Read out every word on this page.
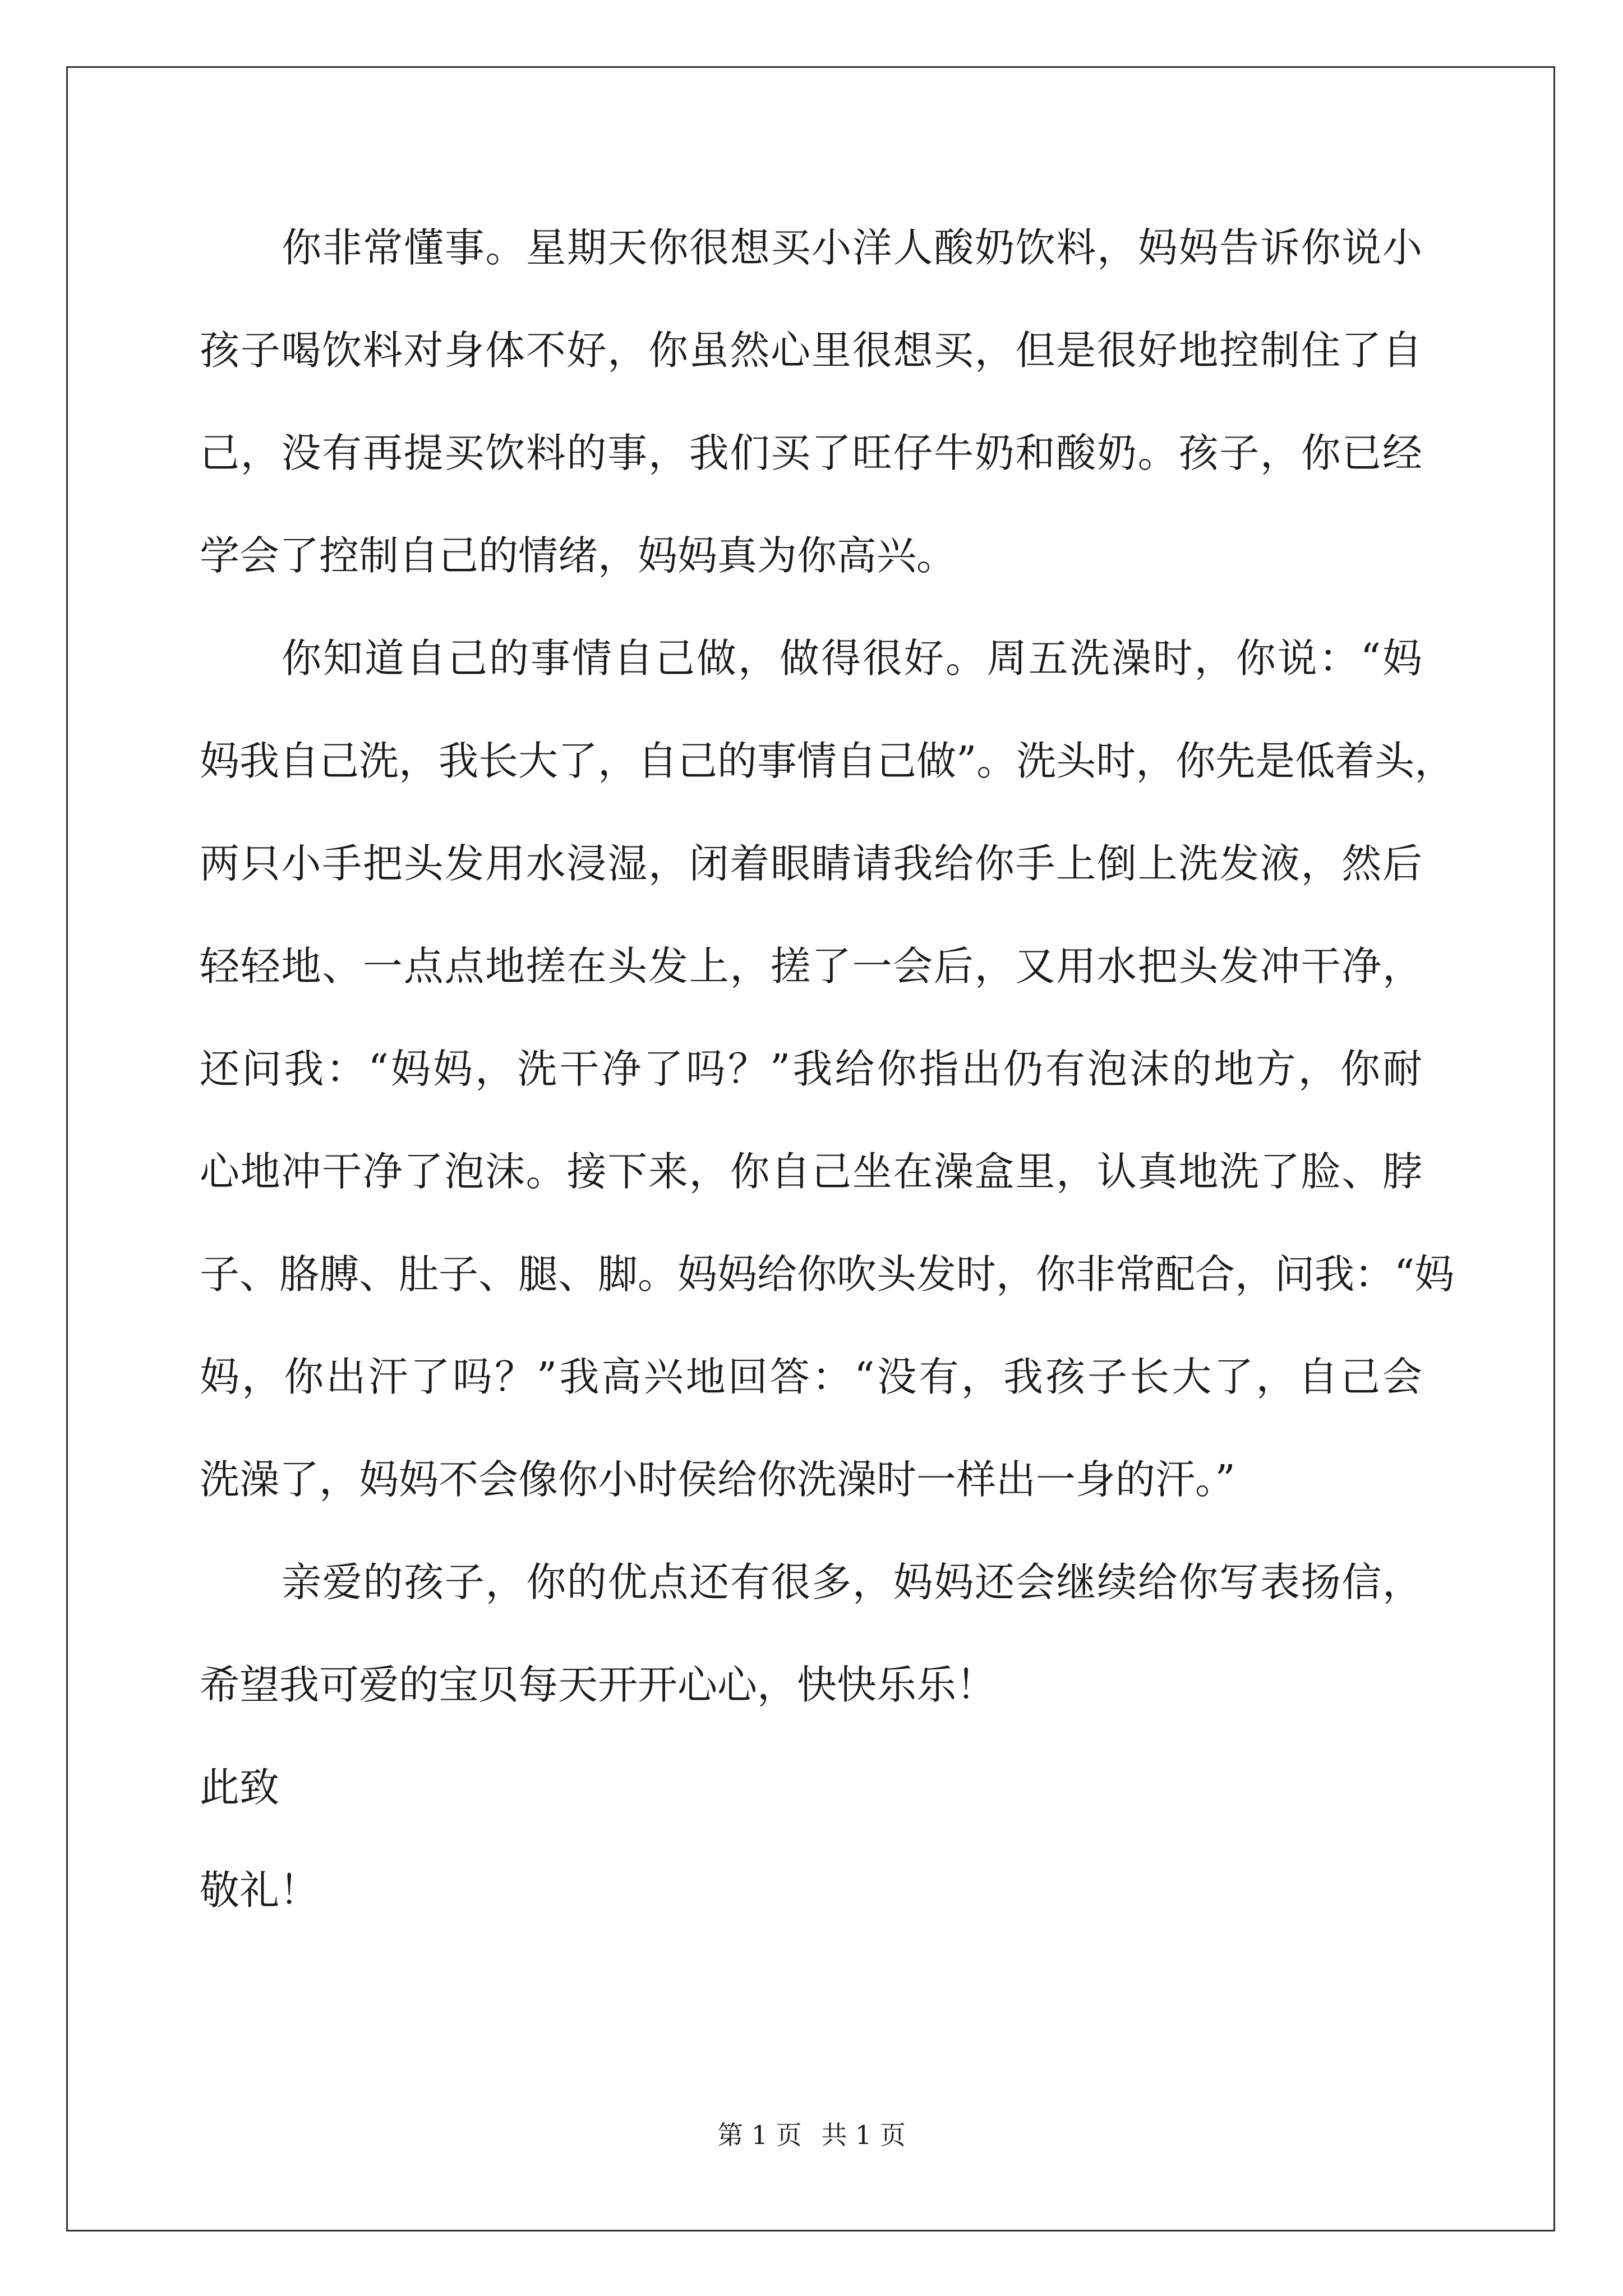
你非常懂事。星期天你很想买小洋人酸奶饮料，妈妈告诉你说小
孩子喝饮料对身体不好，你虽然心里很想买，但是很好地控制住了自
己，没有再提买饮料的事，我们买了旺仔牛奶和酸奶。孩子，你已经
学会了控制自己的情绪，妈妈真为你高兴。
你知道自己的事情自己做，做得很好。周五洗澡时，你说：“妈
妈我自己洗，我长大了，自己的事情自己做”。洗头时，你先是低着头，
两只小手把头发用水浸湿，闭着眼睛请我给你手上倒上洗发液，然后
轻轻地、一点点地搓在头发上，搓了一会后，又用水把头发冲干净，
还问我：“妈妈，洗干净了吗？”我给你指出仍有泡沫的地方，你耐
心地冲干净了泡沫。接下来，你自己坐在澡盒里，认真地洗了脸、脖
子、胳膊、肚子、腿、脚。妈妈给你吹头发时，你非常配合，问我：“妈
妈，你出汗了吗？”我高兴地回答：“没有，我孩子长大了，自己会
洗澡了，妈妈不会像你小时侯给你洗澡时一样出一身的汗。”
亲爱的孩子，你的优点还有很多，妈妈还会继续给你写表扬信，
希望我可爱的宝贝每天开开心心，快快乐乐！
此致
敬礼！
第 1 页 共 1 页
